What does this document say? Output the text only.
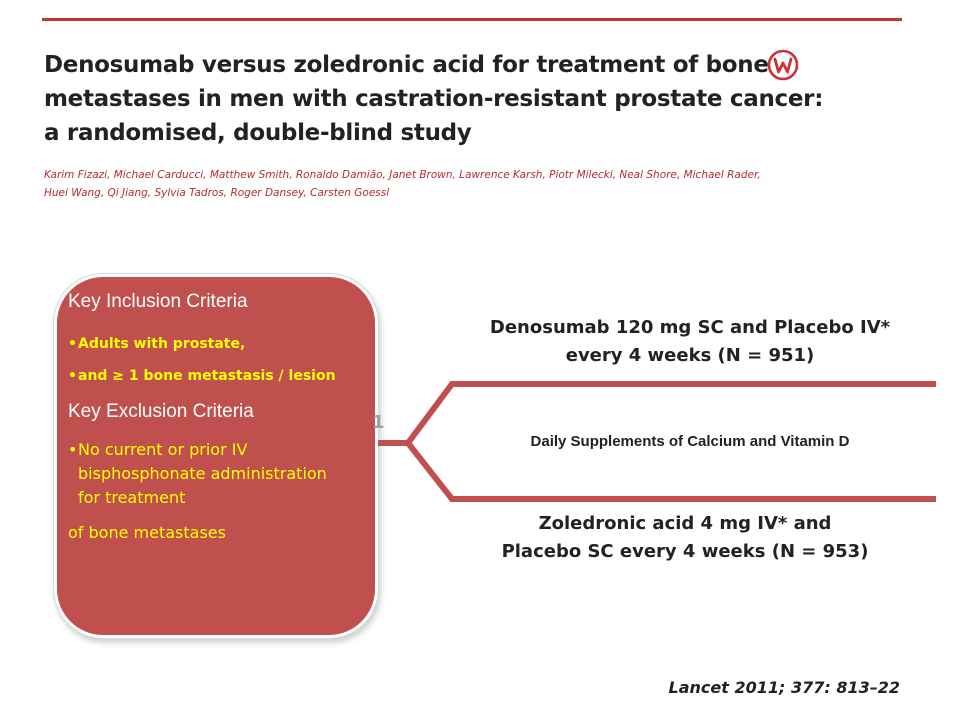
Denosumab versus zoledronic acid for treatment of bone
metastases in men with castration-resistant prostate cancer:
a randomised, double-blind study
Karim Fizazi, Michael Carducci, Matthew Smith, Ronaldo Damião, Janet Brown, Lawrence Karsh, Piotr Milecki, Neal Shore, Michael Rader,
Huei Wang, Qi Jiang, Sylvia Tadros, Roger Dansey, Carsten Goessl

Key Inclusion Criteria

•Adults with prostate,
•and ≥ 1 bone metastasis / lesion

Key Exclusion Criteria

•No current or prior IV
bisphosphonate administration
for treatment
of bone metastases
1
Denosumab 120 mg SC and Placebo IV*
every 4 weeks (N = 951)
Daily Supplements of Calcium and Vitamin D
Zoledronic acid 4 mg IV* and
Placebo SC every 4 weeks (N = 953)
Lancet 2011; 377: 813–22
